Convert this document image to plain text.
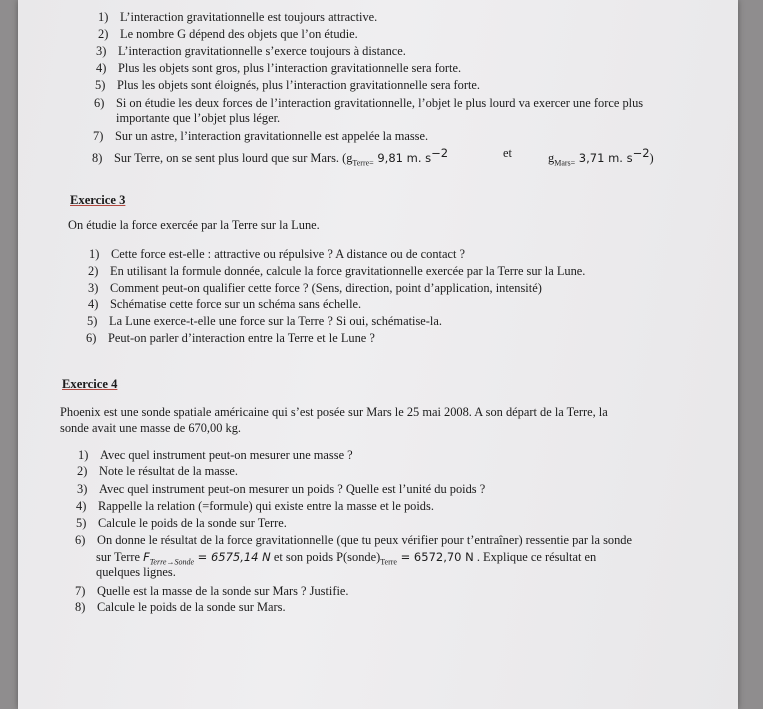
1) L’interaction gravitationnelle est toujours attractive.
2) Le nombre G dépend des objets que l’on étudie.
3) L’interaction gravitationnelle s’exerce toujours à distance.
4) Plus les objets sont gros, plus l’interaction gravitationnelle sera forte.
5) Plus les objets sont éloignés, plus l’interaction gravitationnelle sera forte.
6) Si on étudie les deux forces de l’interaction gravitationnelle, l’objet le plus lourd va exercer une force plus
importante que l’objet plus léger.
7) Sur un astre, l’interaction gravitationnelle est appelée la masse.
8) Sur Terre, on se sent plus lourd que sur Mars. ($g_{Terre=}$ 9,81 m. $s^{-2}$	et	$g_{Mars=}$ 3,71 m. $s^{-2}$)
Exercice 3
On étudie la force exercée par la Terre sur la Lune.
1) Cette force est-elle : attractive ou répulsive ? A distance ou de contact ?
2) En utilisant la formule donnée, calcule la force gravitationnelle exercée par la Terre sur la Lune.
3) Comment peut-on qualifier cette force ? (Sens, direction, point d’application, intensité)
4) Schématise cette force sur un schéma sans échelle.
5) La Lune exerce-t-elle une force sur la Terre ? Si oui, schématise-la.
6) Peut-on parler d’interaction entre la Terre et le Lune ?
Exercice 4
Phoenix est une sonde spatiale américaine qui s’est posée sur Mars le 25 mai 2008. A son départ de la Terre, la
sonde avait une masse de 670,00 kg.
1) Avec quel instrument peut-on mesurer une masse ?
2) Note le résultat de la masse.
3) Avec quel instrument peut-on mesurer un poids ? Quelle est l’unité du poids ?
4) Rappelle la relation (=formule) qui existe entre la masse et le poids.
5) Calcule le poids de la sonde sur Terre.
6) On donne le résultat de la force gravitationnelle (que tu peux vérifier pour t’entraîner) ressentie par la sonde
sur Terre $F_{Terre\to Sonde} = 6575,14$ N et son poids $P(sonde)_{Terre} = 6572,70$ N . Explique ce résultat en
quelques lignes.
7) Quelle est la masse de la sonde sur Mars ? Justifie.
8) Calcule le poids de la sonde sur Mars.
